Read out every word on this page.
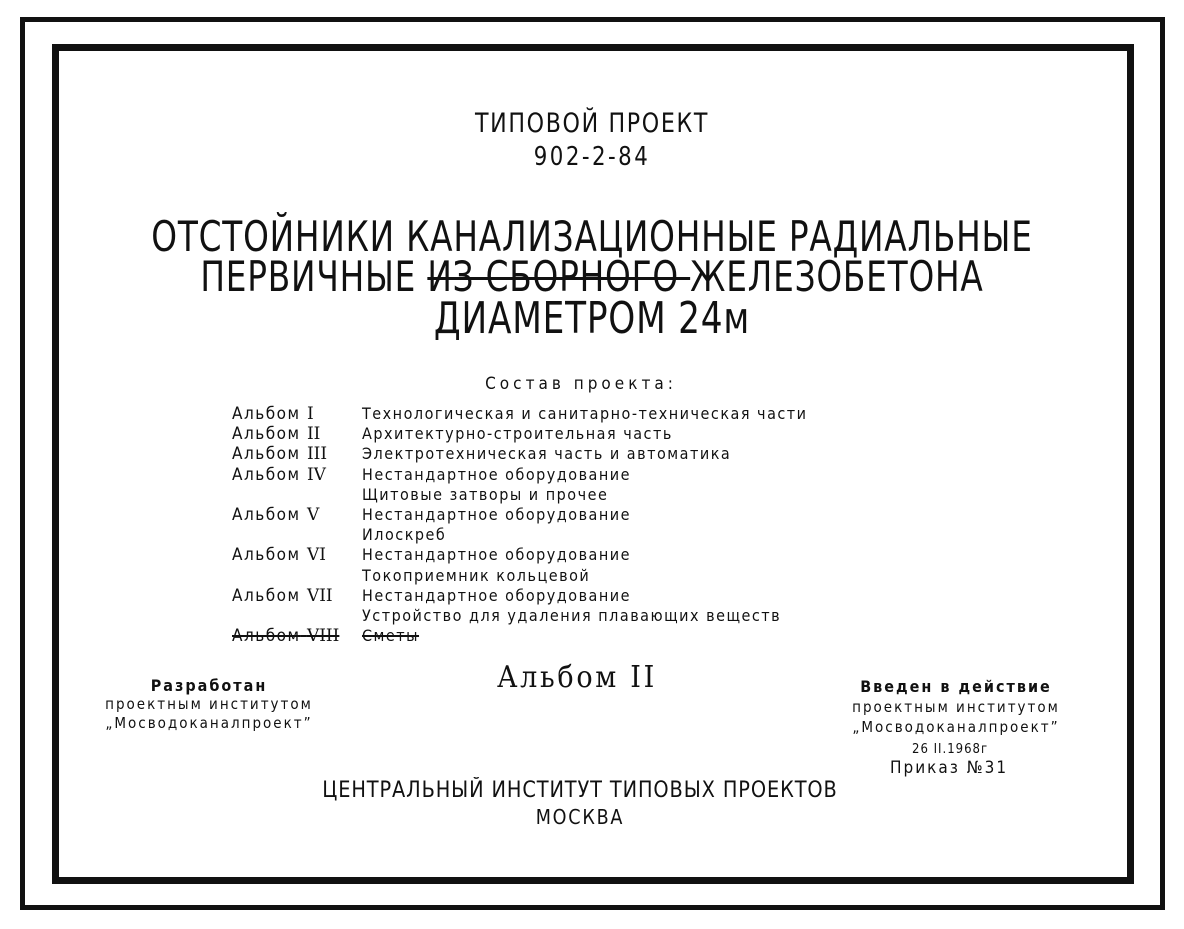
ТИПОВОЙ ПРОЕКТ
902-2-84
ОТСТОЙНИКИ КАНАЛИЗАЦИОННЫЕ РАДИАЛЬНЫЕ
ПЕРВИЧНЫЕ ИЗ СБОРНОГО ЖЕЛЕЗОБЕТОНА
ДИАМЕТРОМ 24м
Состав проекта:
Альбом I	Технологическая и санитарно-техническая части
Альбом II	Архитектурно-строительная часть
Альбом III	Электротехническая часть и автоматика
Альбом IV	Нестандартное оборудование
Щитовые затворы и прочее
Альбом V	Нестандартное оборудование
Илоскреб
Альбом VI	Нестандартное оборудование
Токоприемник кольцевой
Альбом VII	Нестандартное оборудование
Устройство для удаления плавающих веществ
Альбом VIII	Сметы
Альбом II
Разработан
проектным институтом
„Мосводоканалпроект”
Введен в действие
проектным институтом
„Мосводоканалпроект”
26 II.1968г
Приказ №31
ЦЕНТРАЛЬНЫЙ ИНСТИТУТ ТИПОВЫХ ПРОЕКТОВ
МОСКВА
